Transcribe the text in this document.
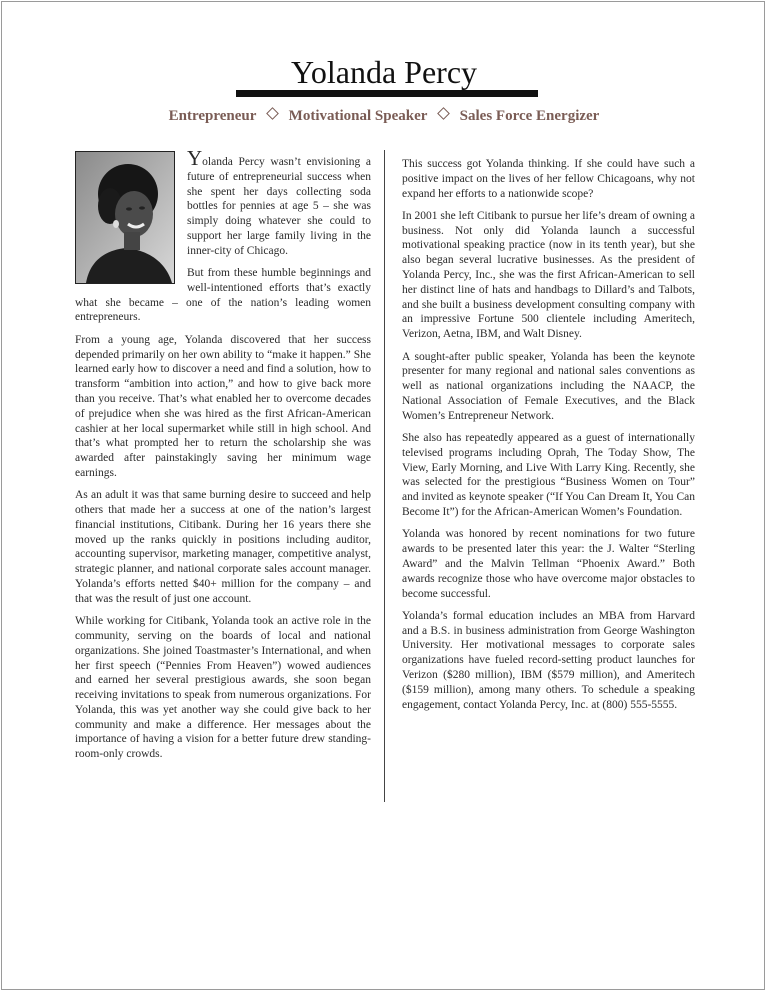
Yolanda Percy
Entrepreneur Motivational Speaker Sales Force Energizer

Yolanda Percy wasn’t envisioning a future of entrepreneurial success when she spent her days collecting soda bottles for pennies at age 5 – she was simply doing whatever she could to support her large family living in the inner-city of Chicago.

But from these humble beginnings and well-intentioned efforts that’s exactly what she became – one of the nation’s leading women entrepreneurs.

From a young age, Yolanda discovered that her success depended primarily on her own ability to “make it happen.” She learned early how to discover a need and find a solution, how to transform “ambition into action,” and how to give back more than you receive. That’s what enabled her to overcome decades of prejudice when she was hired as the first African-American cashier at her local supermarket while still in high school. And that’s what prompted her to return the scholarship she was awarded after painstakingly saving her minimum wage earnings.

As an adult it was that same burning desire to succeed and help others that made her a success at one of the nation’s largest financial institutions, Citibank. During her 16 years there she moved up the ranks quickly in positions including auditor, accounting supervisor, marketing manager, competitive analyst, strategic planner, and national corporate sales account manager. Yolanda’s efforts netted $40+ million for the company – and that was the result of just one account.

While working for Citibank, Yolanda took an active role in the community, serving on the boards of local and national organizations. She joined Toastmaster’s International, and when her first speech (“Pennies From Heaven”) wowed audiences and earned her several prestigious awards, she soon began receiving invitations to speak from numerous organizations. For Yolanda, this was yet another way she could give back to her community and make a difference. Her messages about the importance of having a vision for a better future drew standing-room-only crowds.

This success got Yolanda thinking. If she could have such a positive impact on the lives of her fellow Chicagoans, why not expand her efforts to a nationwide scope?

In 2001 she left Citibank to pursue her life’s dream of owning a business. Not only did Yolanda launch a successful motivational speaking practice (now in its tenth year), but she also began several lucrative businesses. As the president of Yolanda Percy, Inc., she was the first African-American to sell her distinct line of hats and handbags to Dillard’s and Talbots, and she built a business development consulting company with an impressive Fortune 500 clientele including Ameritech, Verizon, Aetna, IBM, and Walt Disney.

A sought-after public speaker, Yolanda has been the keynote presenter for many regional and national sales conventions as well as national organizations including the NAACP, the National Association of Female Executives, and the Black Women’s Entrepreneur Network.

She also has repeatedly appeared as a guest of internationally televised programs including Oprah, The Today Show, The View, Early Morning, and Live With Larry King. Recently, she was selected for the prestigious “Business Women on Tour” and invited as keynote speaker (“If You Can Dream It, You Can Become It”) for the African-American Women’s Foundation.

Yolanda was honored by recent nominations for two future awards to be presented later this year: the J. Walter “Sterling Award” and the Malvin Tellman “Phoenix Award.” Both awards recognize those who have overcome major obstacles to become successful.

Yolanda’s formal education includes an MBA from Harvard and a B.S. in business administration from George Washington University. Her motivational messages to corporate sales organizations have fueled record-setting product launches for Verizon ($280 million), IBM ($579 million), and Ameritech ($159 million), among many others. To schedule a speaking engagement, contact Yolanda Percy, Inc. at (800) 555-5555.
